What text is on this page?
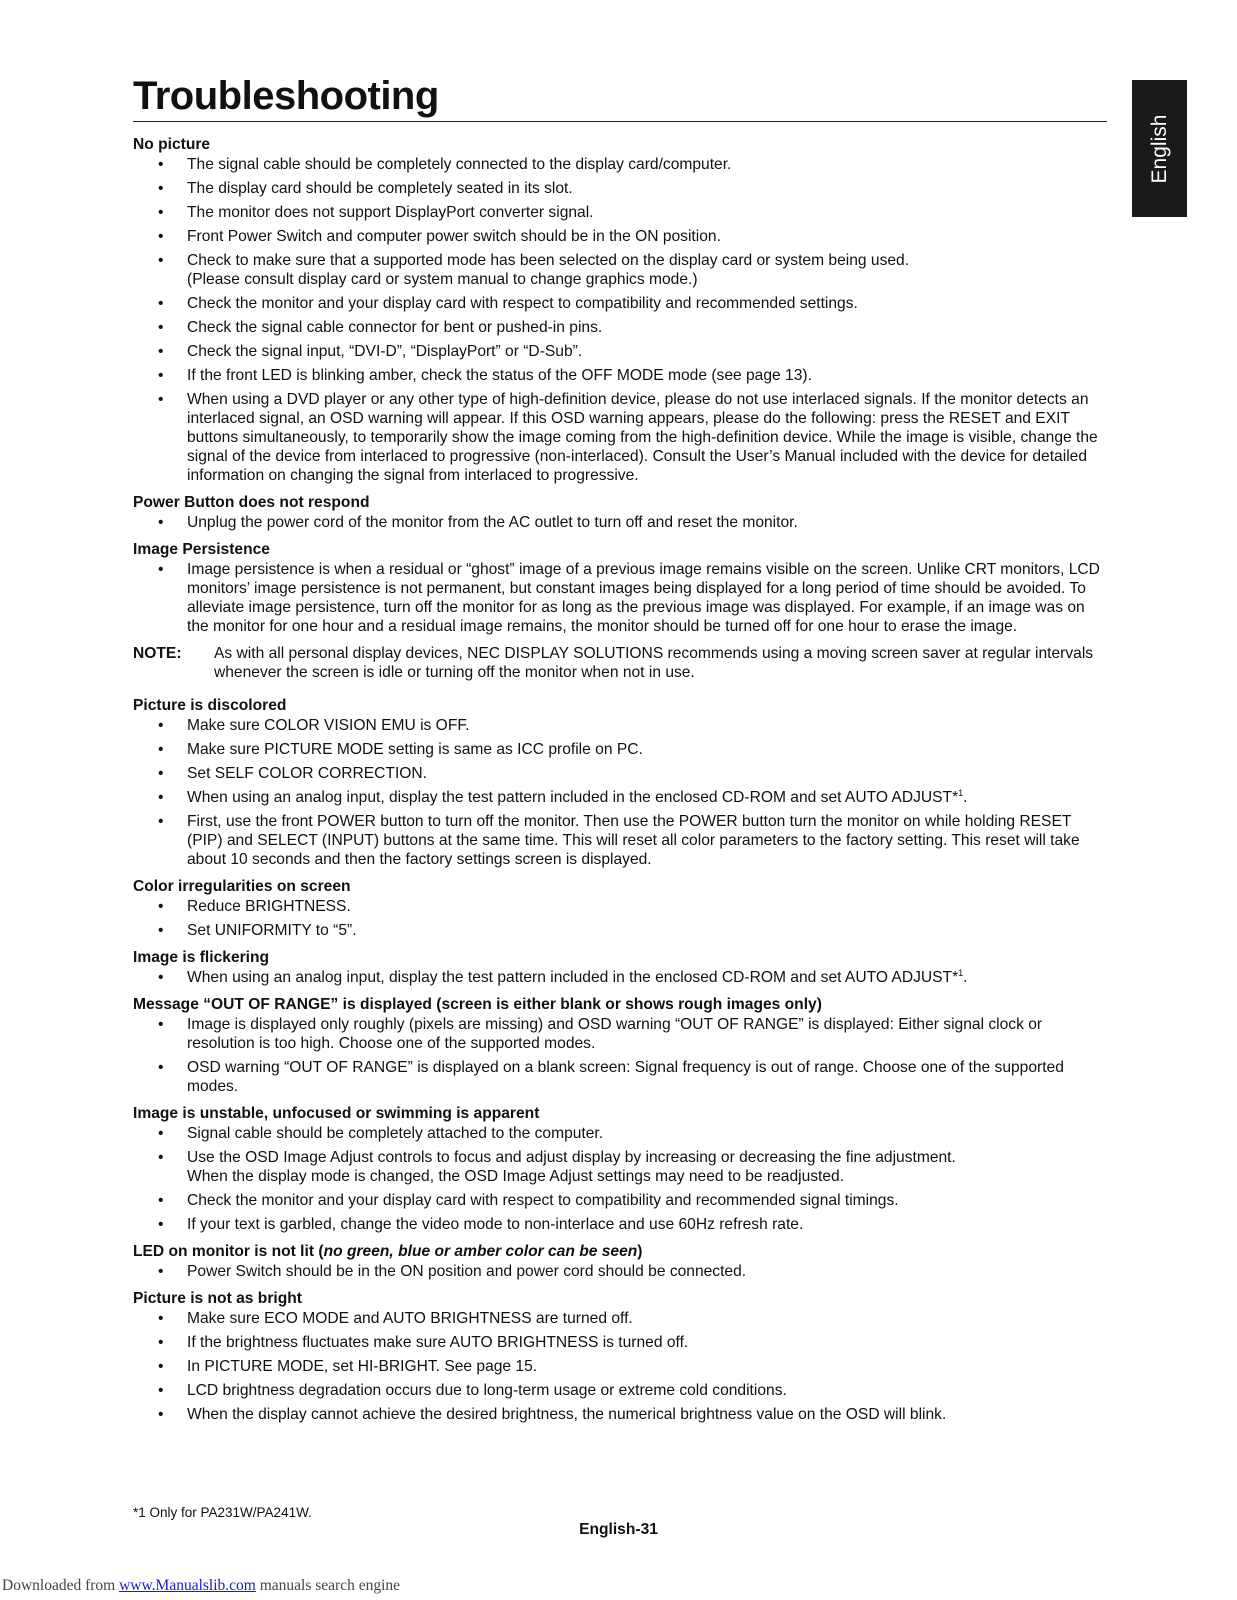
Troubleshooting
English
No picture
• The signal cable should be completely connected to the display card/computer.
• The display card should be completely seated in its slot.
• The monitor does not support DisplayPort converter signal.
• Front Power Switch and computer power switch should be in the ON position.
• Check to make sure that a supported mode has been selected on the display card or system being used.
(Please consult display card or system manual to change graphics mode.)
• Check the monitor and your display card with respect to compatibility and recommended settings.
• Check the signal cable connector for bent or pushed-in pins.
• Check the signal input, “DVI-D”, “DisplayPort” or “D-Sub”.
• If the front LED is blinking amber, check the status of the OFF MODE mode (see page 13).
• When using a DVD player or any other type of high-definition device, please do not use interlaced signals. If the monitor detects an interlaced signal, an OSD warning will appear. If this OSD warning appears, please do the following: press the RESET and EXIT buttons simultaneously, to temporarily show the image coming from the high-definition device. While the image is visible, change the signal of the device from interlaced to progressive (non-interlaced). Consult the User’s Manual included with the device for detailed information on changing the signal from interlaced to progressive.
Power Button does not respond
• Unplug the power cord of the monitor from the AC outlet to turn off and reset the monitor.
Image Persistence
• Image persistence is when a residual or “ghost” image of a previous image remains visible on the screen. Unlike CRT monitors, LCD monitors’ image persistence is not permanent, but constant images being displayed for a long period of time should be avoided. To alleviate image persistence, turn off the monitor for as long as the previous image was displayed. For example, if an image was on the monitor for one hour and a residual image remains, the monitor should be turned off for one hour to erase the image.
NOTE:	As with all personal display devices, NEC DISPLAY SOLUTIONS recommends using a moving screen saver at regular intervals whenever the screen is idle or turning off the monitor when not in use.
Picture is discolored
• Make sure COLOR VISION EMU is OFF.
• Make sure PICTURE MODE setting is same as ICC profile on PC.
• Set SELF COLOR CORRECTION.
• When using an analog input, display the test pattern included in the enclosed CD-ROM and set AUTO ADJUST*$^1$.
• First, use the front POWER button to turn off the monitor. Then use the POWER button turn the monitor on while holding RESET (PIP) and SELECT (INPUT) buttons at the same time. This will reset all color parameters to the factory setting. This reset will take about 10 seconds and then the factory settings screen is displayed.
Color irregularities on screen
• Reduce BRIGHTNESS.
• Set UNIFORMITY to “5”.
Image is flickering
• When using an analog input, display the test pattern included in the enclosed CD-ROM and set AUTO ADJUST*$^1$.
Message “OUT OF RANGE” is displayed (screen is either blank or shows rough images only)
• Image is displayed only roughly (pixels are missing) and OSD warning “OUT OF RANGE” is displayed: Either signal clock or resolution is too high. Choose one of the supported modes.
• OSD warning “OUT OF RANGE” is displayed on a blank screen: Signal frequency is out of range. Choose one of the supported modes.
Image is unstable, unfocused or swimming is apparent
• Signal cable should be completely attached to the computer.
• Use the OSD Image Adjust controls to focus and adjust display by increasing or decreasing the fine adjustment.
When the display mode is changed, the OSD Image Adjust settings may need to be readjusted.
• Check the monitor and your display card with respect to compatibility and recommended signal timings.
• If your text is garbled, change the video mode to non-interlace and use 60Hz refresh rate.
LED on monitor is not lit (no green, blue or amber color can be seen)
• Power Switch should be in the ON position and power cord should be connected.
Picture is not as bright
• Make sure ECO MODE and AUTO BRIGHTNESS are turned off.
• If the brightness fluctuates make sure AUTO BRIGHTNESS is turned off.
• In PICTURE MODE, set HI-BRIGHT. See page 15.
• LCD brightness degradation occurs due to long-term usage or extreme cold conditions.
• When the display cannot achieve the desired brightness, the numerical brightness value on the OSD will blink.
*1 Only for PA231W/PA241W.
English-31
Downloaded from www.Manualslib.com manuals search engine
